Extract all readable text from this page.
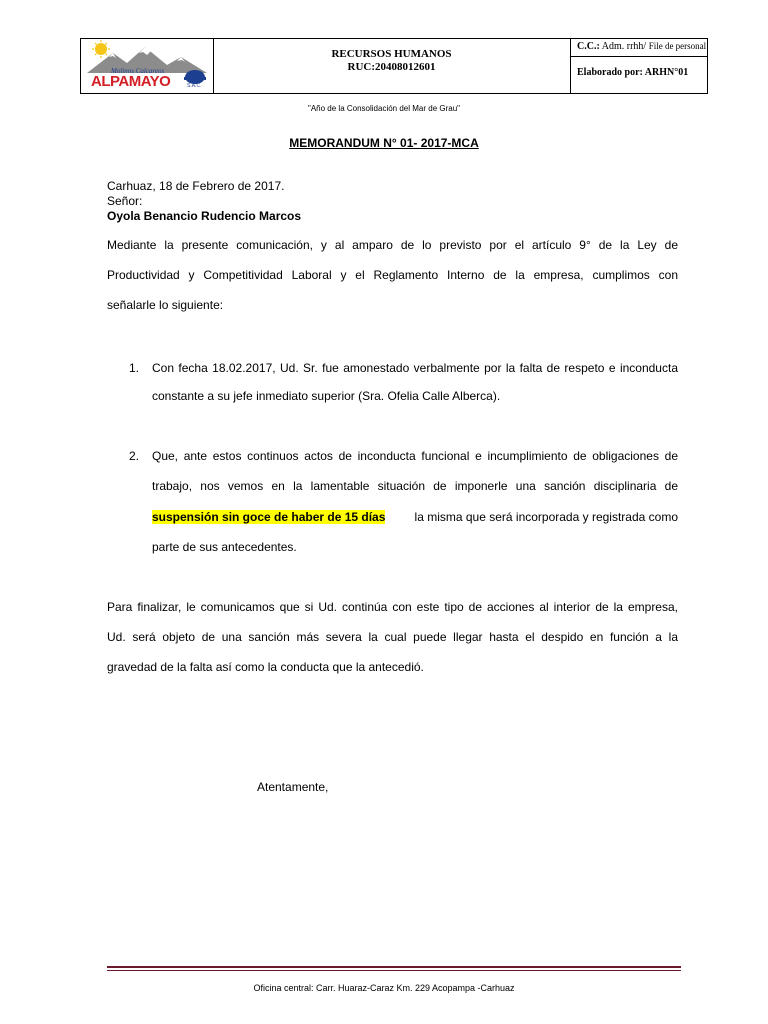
Molinos Calcareos
ALPAMAYO	S.A.C.
RECURSOS HUMANOS
RUC:20408012601
C.C.: Adm. rrhh/ File de personal
Elaborado por: ARHN°01
"Año de la Consolidación del Mar de Grau"
MEMORANDUM N° 01- 2017-MCA
Carhuaz, 18 de Febrero de 2017.
Señor:
Oyola Benancio Rudencio Marcos
Mediante la presente comunicación, y al amparo de lo previsto por el artículo 9° de la Ley de
Productividad y Competitividad Laboral y el Reglamento Interno de la empresa, cumplimos con
señalarle lo siguiente:
1. Con fecha 18.02.2017, Ud. Sr. fue amonestado verbalmente por la falta de respeto e inconducta
constante a su jefe inmediato superior (Sra. Ofelia Calle Alberca).
2. Que, ante estos continuos actos de inconducta funcional e incumplimiento de obligaciones de
trabajo, nos vemos en la lamentable situación de imponerle una sanción disciplinaria de
suspensión sin goce de haber de 15 días la misma que será incorporada y registrada como
parte de sus antecedentes.
Para finalizar, le comunicamos que si Ud. continúa con este tipo de acciones al interior de la empresa,
Ud. será objeto de una sanción más severa la cual puede llegar hasta el despido en función a la
gravedad de la falta así como la conducta que la antecedió.
Atentamente,
Oficina central: Carr. Huaraz-Caraz Km. 229 Acopampa -Carhuaz
